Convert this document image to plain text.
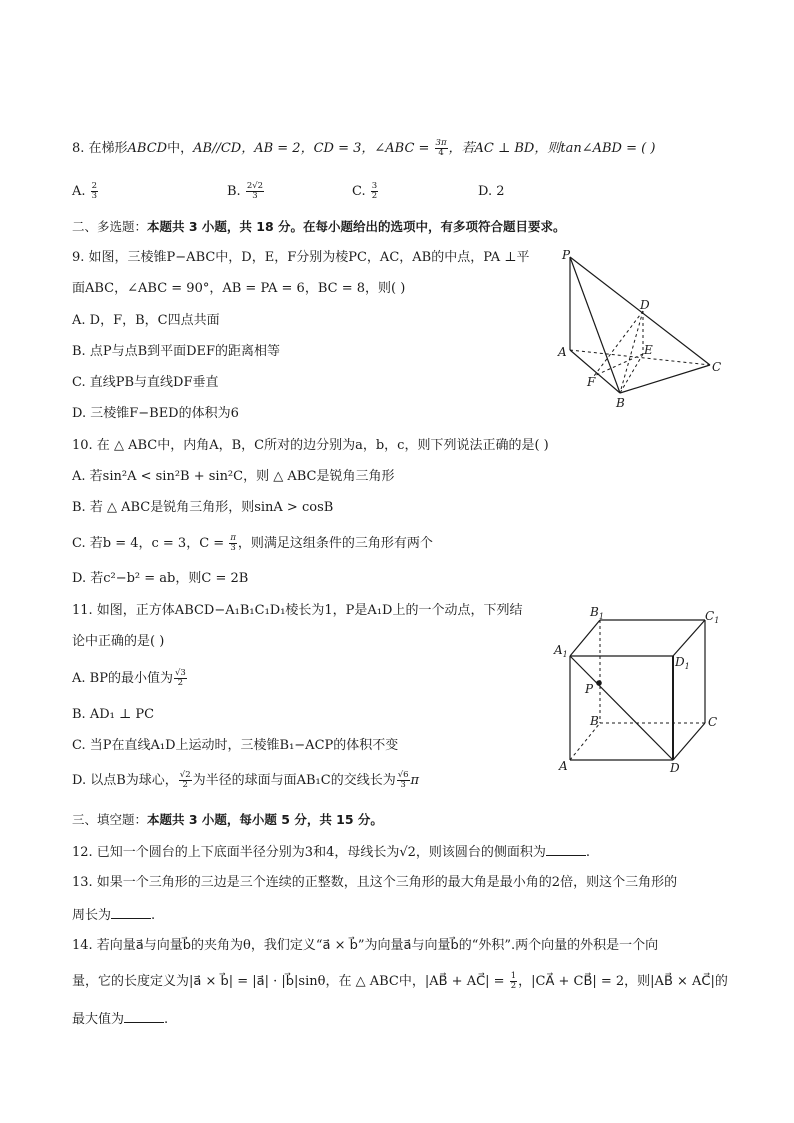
8. 在梯形ABCD中，AB//CD，AB = 2，CD = 3，∠ABC = $\frac{3\pi}{4}$ ，若AC ⊥ BD，则tan∠ABD = ( )
A. $\frac{2}{3}$	B. $\frac{2√2}{3}$	C. $\frac{3}{2}$	D. 2
二、多选题：本题共 3 小题，共 18 分。在每小题给出的选项中，有多项符合题目要求。
9. 如图，三棱锥P−ABC中，D，E，F分别为棱PC，AC，AB的中点，PA ⊥平
面ABC，∠ABC = 90°，AB = PA = 6，BC = 8，则( )
A. D，F，B，C四点共面
B. 点P与点B到平面DEF的距离相等
C. 直线PB与直线DF垂直
D. 三棱锥F−BED的体积为6
P
D
A	E
C
F
B
10. 在 △ ABC中，内角A，B，C所对的边分别为a，b，c，则下列说法正确的是( )
A. 若sin²A < sin²B + sin²C，则 △ ABC是锐角三角形
B. 若 △ ABC是锐角三角形，则sinA > cosB
C. 若b = 4，c = 3，$C = \frac{\pi}{3}$ ，则满足这组条件的三角形有两个
D. 若c²−b² = ab，则C = 2B
11. 如图，正方体ABCD−A₁B₁C₁D₁棱长为1，P是A₁D上的一个动点，下列结
论中正确的是( )
A. BP的最小值为 $\frac{√3}{2}$
B. AD₁ ⊥ PC
C. 当P在直线A₁D上运动时，三棱锥B₁−ACP的体积不变
D. 以点B为球心， $\frac{√2}{2}$ 为半径的球面与面AB₁C的交线长为 $\frac{√6}{3}$ π
$B_1$	$C_1$
$A_1$
$D_1$
P
B	C
A	D
三、填空题：本题共 3 小题，每小题 5 分，共 15 分。
12. 已知一个圆台的上下底面半径分别为3和4，母线长为√2，则该圆台的侧面积为	.
13. 如果一个三角形的三边是三个连续的正整数，且这个三角形的最大角是最小角的2倍，则这个三角形的
周长为	.
14. 若向量a⃗与向量b⃗的夹角为θ，我们定义“a⃗ × b⃗”为向量a⃗与向量b⃗的“外积”.两个向量的外积是一个向
量，它的长度定义为|a⃗ × b⃗| = |a⃗| · |b⃗|sinθ，在 △ ABC中，|AB⃗ + AC⃗| = $\frac{1}{2}$ ，|CA⃗ + CB⃗| = 2，则|AB⃗ × AC⃗|的
最大值为	.
